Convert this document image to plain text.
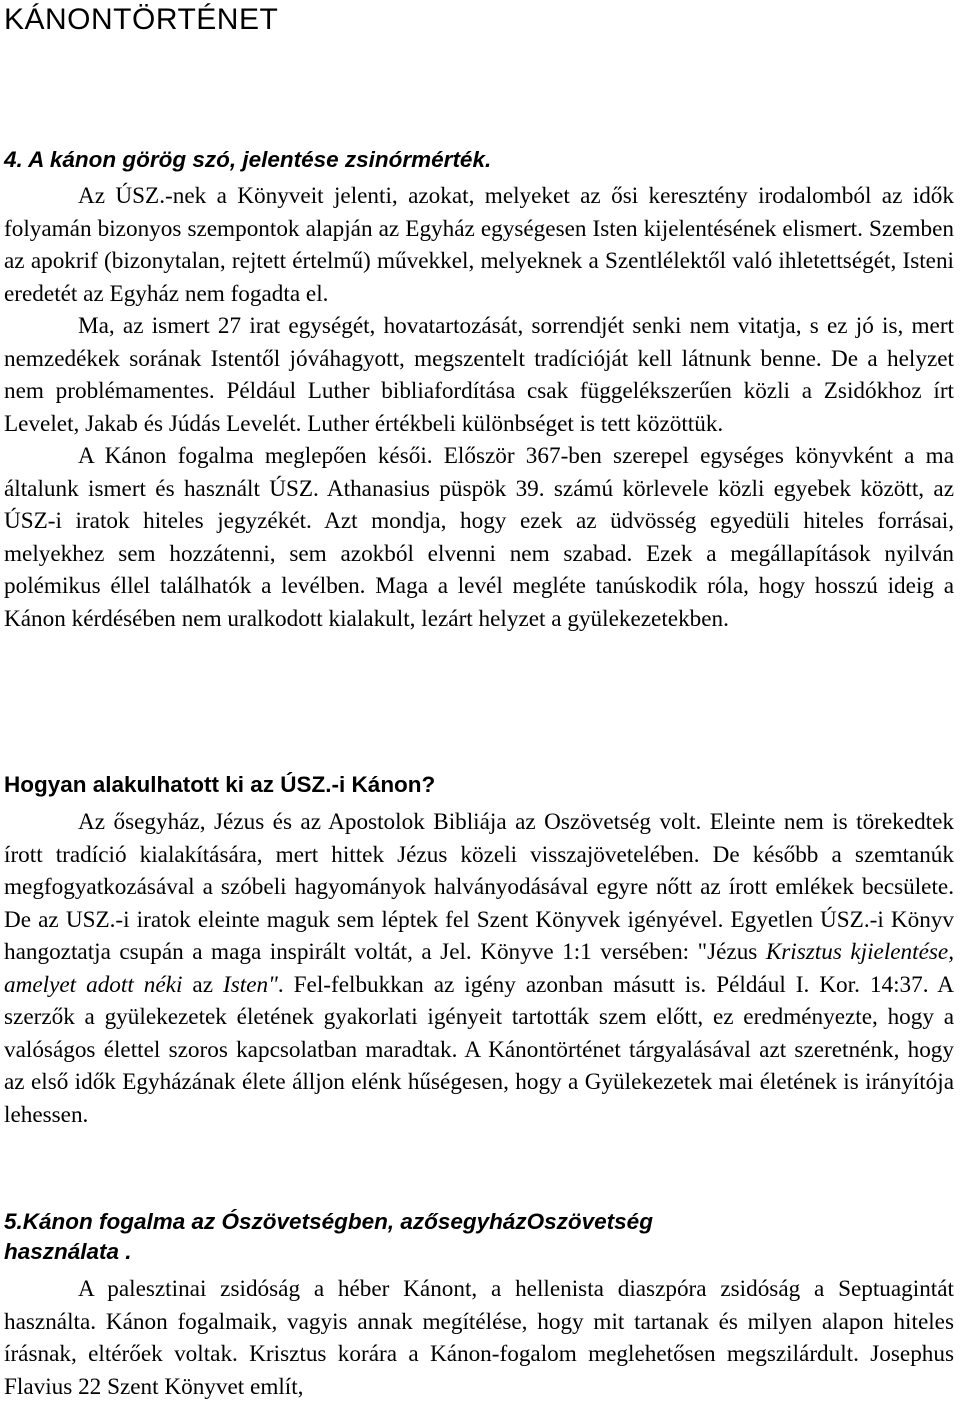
KÁNONTÖRTÉNET
4. A kánon görög szó, jelentése zsinórmérték.

Az ÚSZ.-nek a Könyveit jelenti, azokat, melyeket az ősi keresztény irodalomból az idők folyamán bizonyos szempontok alapján az Egyház egységesen Isten kijelentésének elismert. Szemben az apokrif (bizonytalan, rejtett értelmű) művekkel, melyeknek a Szentlélektől való ihletettségét, Isteni eredetét az Egyház nem fogadta el.

Ma, az ismert 27 irat egységét, hovatartozását, sorrendjét senki nem vitatja, s ez jó is, mert nemzedékek sorának Istentől jóváhagyott, megszentelt tradícióját kell látnunk benne. De a helyzet nem problémamentes. Például Luther bibliafordítása csak függelékszerűen közli a Zsidókhoz írt Levelet, Jakab és Júdás Levelét. Luther értékbeli különbséget is tett közöttük.

A Kánon fogalma meglepően késői. Először 367-ben szerepel egységes könyvként a ma általunk ismert és használt ÚSZ. Athanasius püspök 39. számú körlevele közli egyebek között, az ÚSZ-i iratok hiteles jegyzékét. Azt mondja, hogy ezek az üdvösség egyedüli hiteles forrásai, melyekhez sem hozzátenni, sem azokból elvenni nem szabad. Ezek a megállapítások nyilván polémikus éllel találhatók a levélben. Maga a levél megléte tanúskodik róla, hogy hosszú ideig a Kánon kérdésében nem uralkodott kialakult, lezárt helyzet a gyülekezetekben.

Hogyan alakulhatott ki az ÚSZ.-i Kánon?

Az ősegyház, Jézus és az Apostolok Bibliája az Oszövetség volt. Eleinte nem is törekedtek írott tradíció kialakítására, mert hittek Jézus közeli visszajövetelében. De később a szemtanúk megfogyatkozásával a szóbeli hagyományok halványodásával egyre nőtt az írott emlékek becsülete. De az USZ.-i iratok eleinte maguk sem léptek fel Szent Könyvek igényével. Egyetlen ÚSZ.-i Könyv hangoztatja csupán a maga inspirált voltát, a Jel. Könyve 1:1 versében: "Jézus Krisztus kjielentése, amelyet adott néki az Isten". Fel-felbukkan az igény azonban másutt is. Például I. Kor. 14:37. A szerzők a gyülekezetek életének gyakorlati igényeit tartották szem előtt, ez eredményezte, hogy a valóságos élettel szoros kapcsolatban maradtak. A Kánontörténet tárgyalásával azt szeretnénk, hogy az első idők Egyházának élete álljon elénk hűségesen, hogy a Gyülekezetek mai életének is irányítója lehessen.

5.Kánon fogalma az Ószövetségben, azősegyházOszövetség
használata .

A palesztinai zsidóság a héber Kánont, a hellenista diaszpóra zsidóság a Septuagintát használta. Kánon fogalmaik, vagyis annak megítélése, hogy mit tartanak és milyen alapon hiteles írásnak, eltérőek voltak. Krisztus korára a Kánon-fogalom meglehetősen megszilárdult. Josephus Flavius 22 Szent Könyvet említ,
